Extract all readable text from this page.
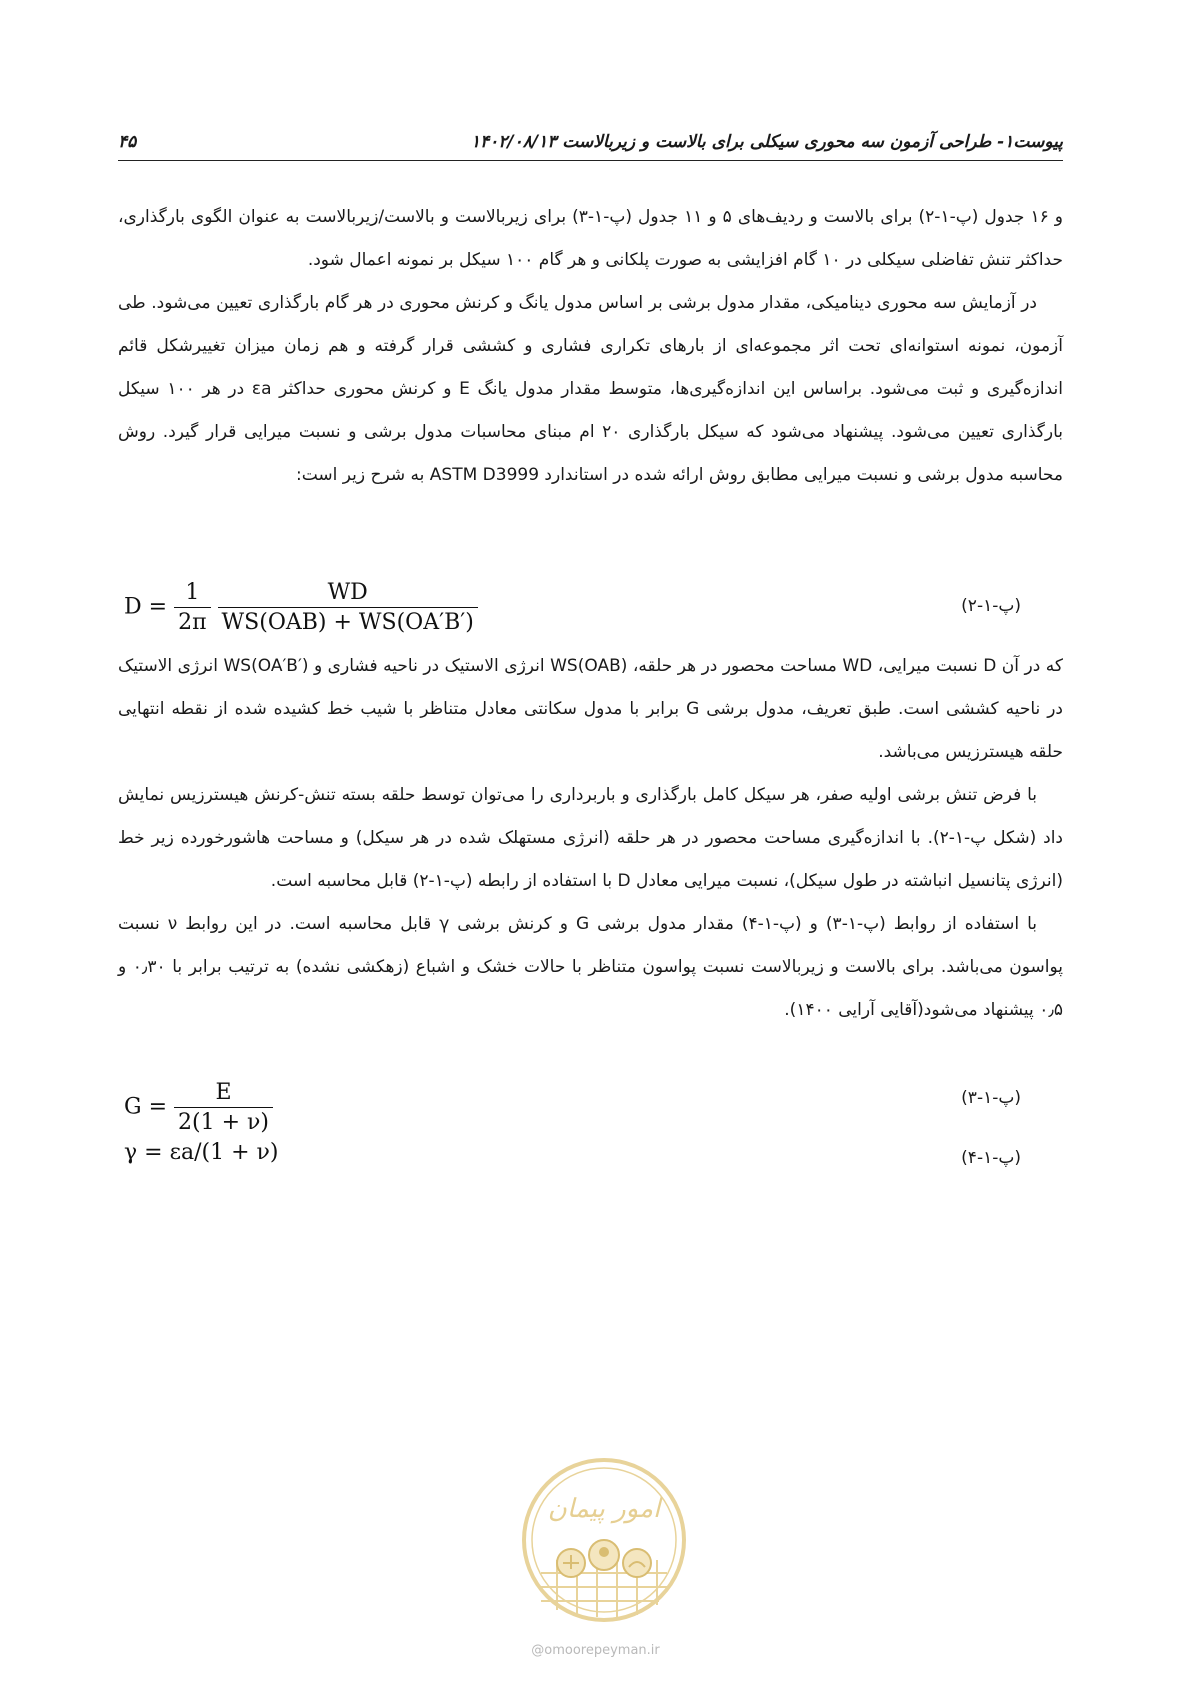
پیوست۱- طراحی آزمون سه محوری سیکلی برای بالاست و زیربالاست ۱۴۰۲/۰۸/۱۳
۴۵

و ۱۶ جدول (پ-۱-۲) برای بالاست و ردیف‌های ۵ و ۱۱ جدول (پ-۱-۳) برای زیربالاست و بالاست/زیربالاست به عنوان الگوی بارگذاری، حداکثر تنش تفاضلی سیکلی در ۱۰ گام افزایشی به صورت پلکانی و هر گام ۱۰۰ سیکل بر نمونه اعمال شود.

در آزمایش سه محوری دینامیکی، مقدار مدول برشی بر اساس مدول یانگ و کرنش محوری در هر گام بارگذاری تعیین می‌شود. طی آزمون، نمونه استوانه‌ای تحت اثر مجموعه‌ای از بارهای تکراری فشاری و کششی قرار گرفته و هم زمان میزان تغییرشکل قائم اندازه‌گیری و ثبت می‌شود. براساس این اندازه‌گیری‌ها، متوسط مقدار مدول یانگ E و کرنش محوری حداکثر εa در هر ۱۰۰ سیکل بارگذاری تعیین می‌شود. پیشنهاد می‌شود که سیکل بارگذاری ۲۰ ام مبنای محاسبات مدول برشی و نسبت میرایی قرار گیرد. روش محاسبه مدول برشی و نسبت میرایی مطابق روش ارائه شده در استاندارد ASTM D3999 به شرح زیر است:

$D = \frac{1}{2\pi}$
$\frac{WD}{\text{WS(OAB) + WS(OA′B′)}}$	(پ-۱-۲)

که در آن D نسبت میرایی، WD مساحت محصور در هر حلقه، WS(OAB) انرژی الاستیک در ناحیه فشاری و WS(OA′B′) انرژی الاستیک در ناحیه کششی است. طبق تعریف، مدول برشی G برابر با مدول سکانتی معادل متناظر با شیب خط کشیده شده از نقطه انتهایی حلقه هیسترزیس می‌باشد.

با فرض تنش برشی اولیه صفر، هر سیکل کامل بارگذاری و باربرداری را می‌توان توسط حلقه بسته تنش-کرنش هیسترزیس نمایش داد (شکل پ-۱-۲). با اندازه‌گیری مساحت محصور در هر حلقه (انرژی مستهلک شده در هر سیکل) و مساحت هاشورخورده زیر خط (انرژی پتانسیل انباشته در طول سیکل)، نسبت میرایی معادل D با استفاده از رابطه (پ-۱-۲) قابل محاسبه است.

با استفاده از روابط (پ-۱-۳) و (پ-۱-۴) مقدار مدول برشی G و کرنش برشی γ قابل محاسبه است. در این روابط ν نسبت پواسون می‌باشد. برای بالاست و زیربالاست نسبت پواسون متناظر با حالات خشک و اشباع (زهکشی نشده) به ترتیب برابر با ۰٫۳۰ و ۰٫۵ پیشنهاد می‌شود(آقایی آرایی ۱۴۰۰).

$G = \frac{E}{2(1 + \nu)}$	(پ-۱-۳)
γ = εa/(1 + ν)	(پ-۱-۴)
امور پیمان
@omoorepeyman.ir
